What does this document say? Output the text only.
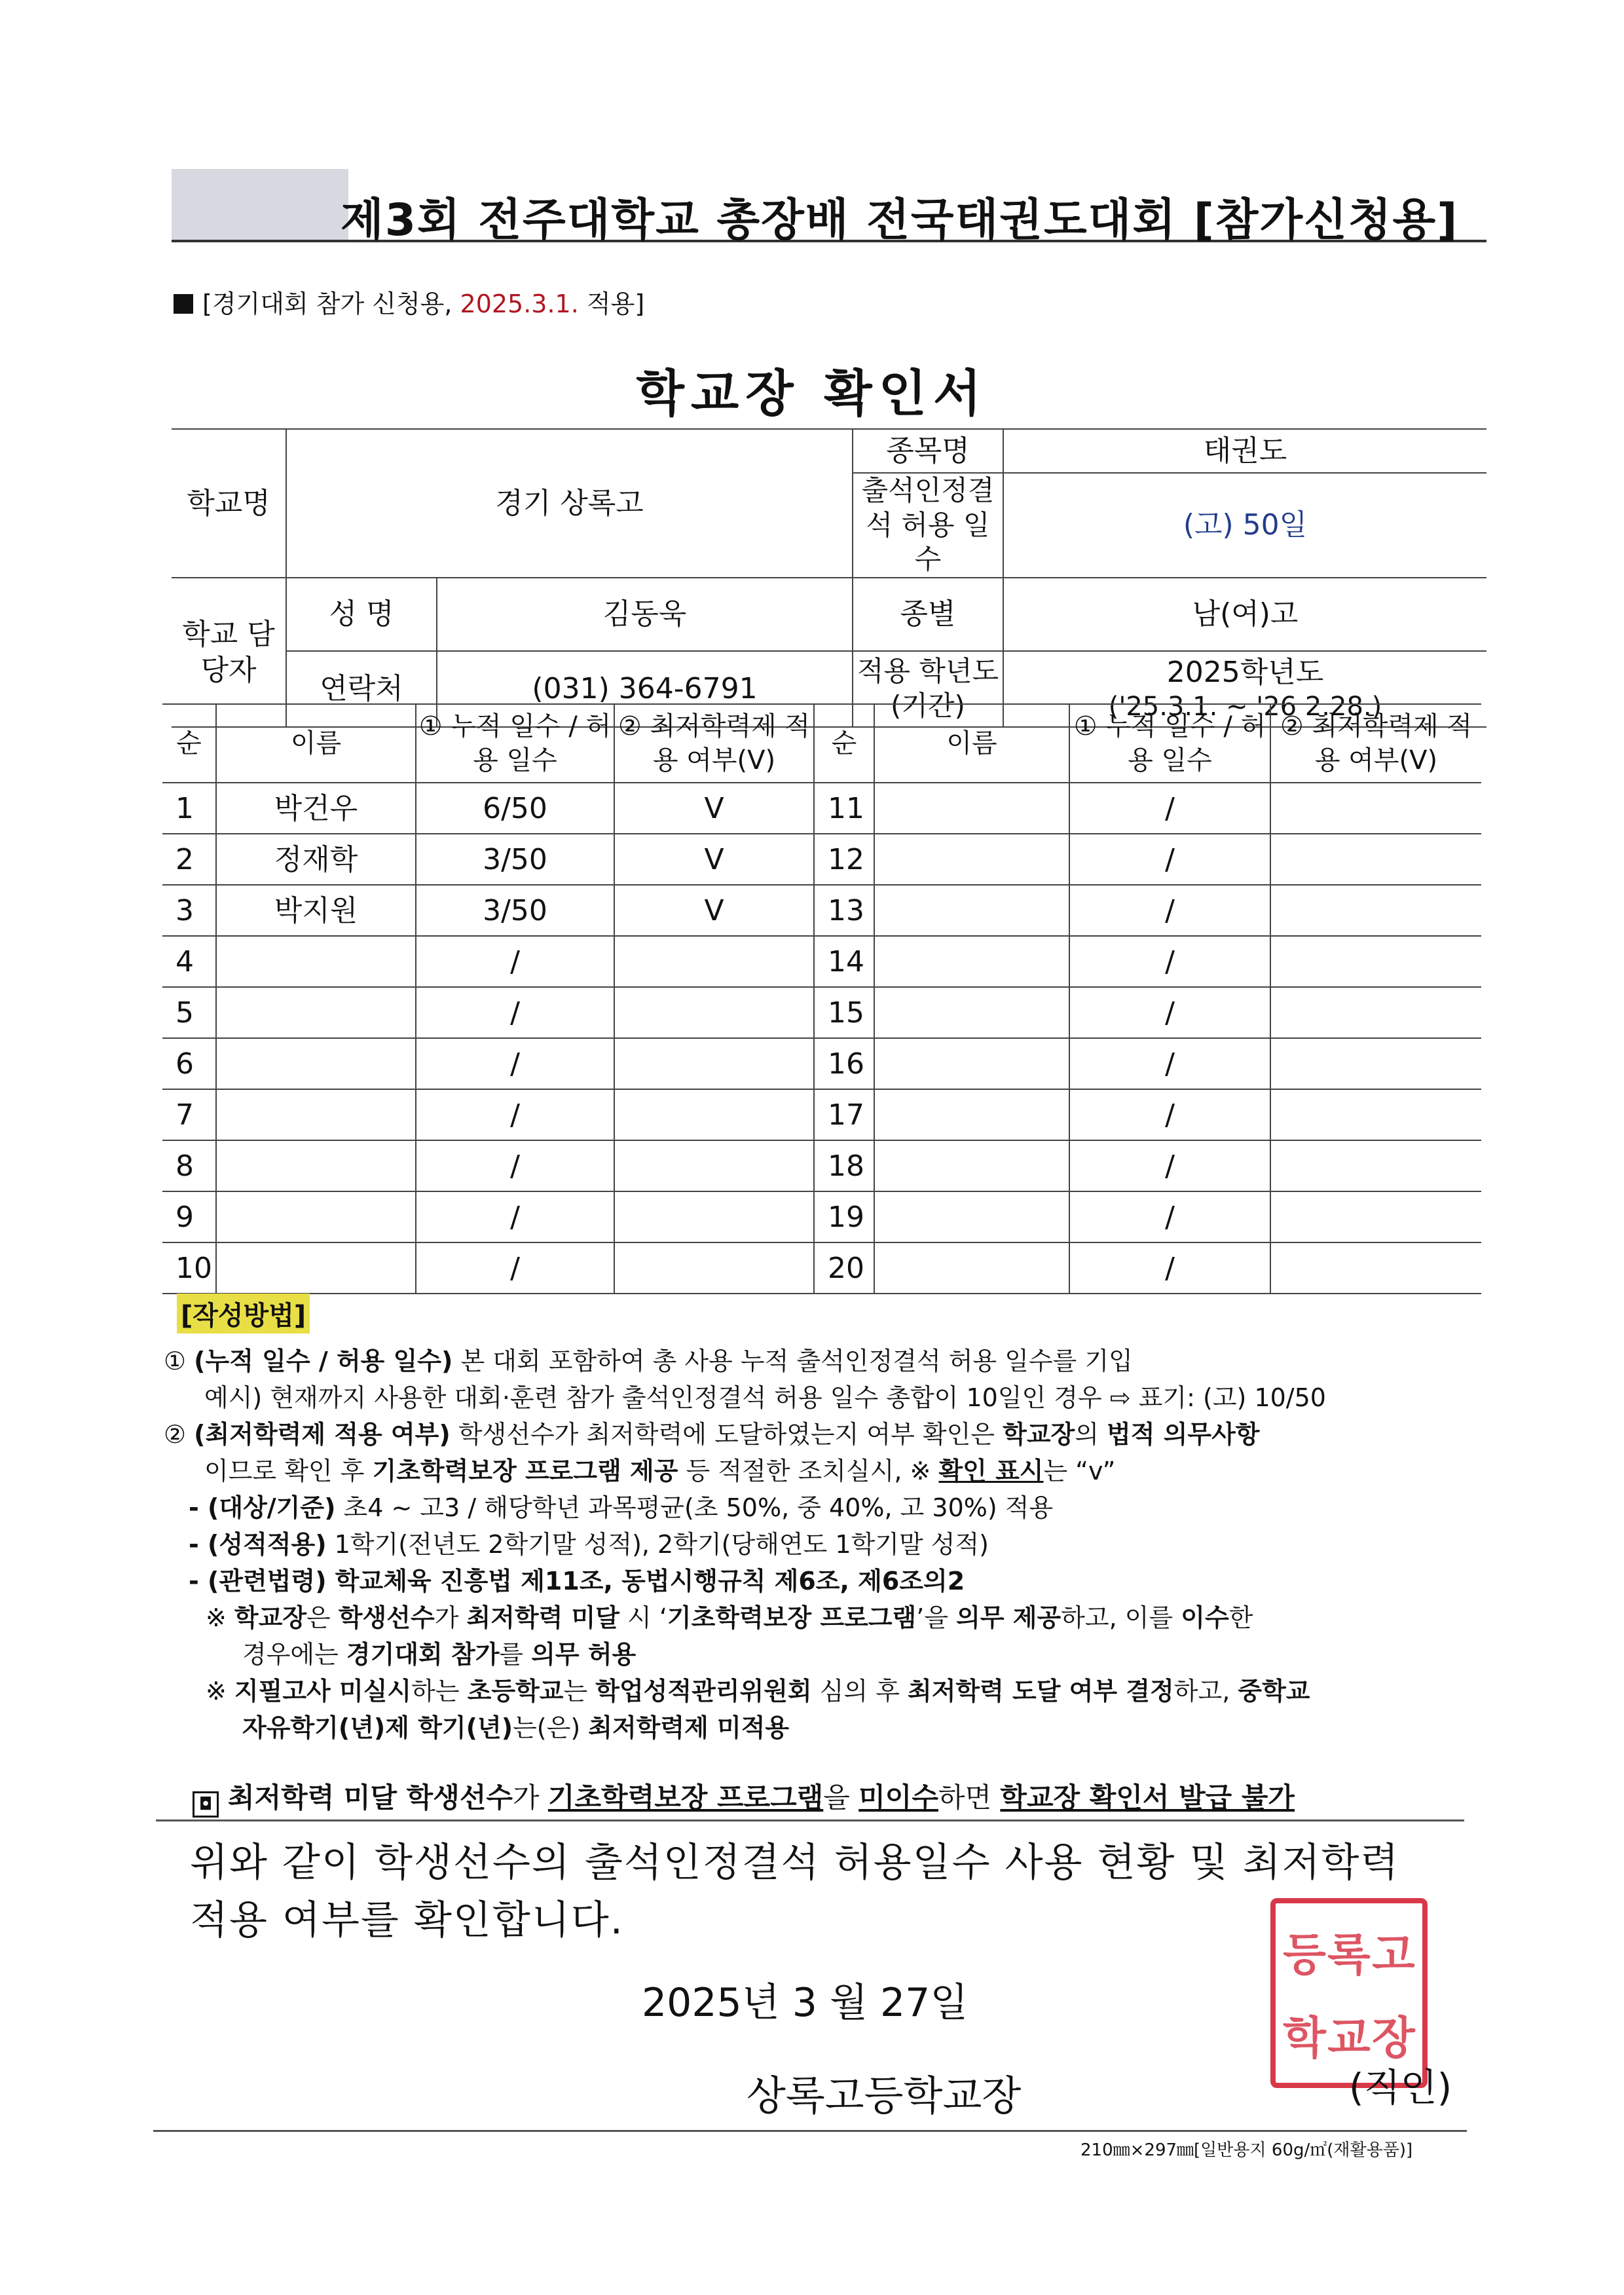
제3회 전주대학교 총장배 전국태권도대회 [참가신청용]
[경기대회 참가 신청용, 2025.3.1. 적용]
학교장 확인서
학교명	경기 상록고		종목명	태권도
			출석인정결석 허용 일수	(고) 50일
학교 담당자	성 명	김동욱	종별	남(여)고
	연락처	(031) 364-6791	적용 학년도 (기간)	2025학년도
('25.3.1. ~ '26 2.28.)
순	이름	① 누적 일수 / 허용 일수	② 최저학력제 적용 여부(V)	순	이름	① 누적 일수 / 허용 일수	② 최저학력제 적용 여부(V)
1	박건우	6/50	V	11		/	
2	정재학	3/50	V	12		/	
3	박지원	3/50	V	13		/	
4		/		14		/	
5		/		15		/	
6		/		16		/	
7		/		17		/	
8		/		18		/	
9		/		19		/	
10		/		20		/	
[작성방법]
① (누적 일수 / 허용 일수) 본 대회 포함하여 총 사용 누적 출석인정결석 허용 일수를 기입
예시) 현재까지 사용한 대회·훈련 참가 출석인정결석 허용 일수 총합이 10일인 경우 ⇨ 표기: (고) 10/50
② (최저학력제 적용 여부) 학생선수가 최저학력에 도달하였는지 여부 확인은 학교장의 법적 의무사항
이므로 확인 후 기초학력보장 프로그램 제공 등 적절한 조치실시, ※ 확인 표시는 “v”
- (대상/기준) 초4 ~ 고3 / 해당학년 과목평균(초 50%, 중 40%, 고 30%) 적용
- (성적적용) 1학기(전년도 2학기말 성적), 2학기(당해연도 1학기말 성적)
- (관련법령) 학교체육 진흥법 제11조, 동법시행규칙 제6조, 제6조의2
※ 학교장은 학생선수가 최저학력 미달 시 ‘기초학력보장 프로그램’을 의무 제공하고, 이를 이수한
경우에는 경기대회 참가를 의무 허용
※ 지필고사 미실시하는 초등학교는 학업성적관리위원회 심의 후 최저학력 도달 여부 결정하고, 중학교
자유학기(년)제 학기(년)는(은) 최저학력제 미적용
◘ 최저학력 미달 학생선수가 기초학력보장 프로그램을 미이수하면 학교장 확인서 발급 불가
위와 같이 학생선수의 출석인정결석 허용일수 사용 현황 및 최저학력
적용 여부를 확인합니다.
등 록 고
학 교 장
2025년 3 월 27일
상록고등학교장	(직인)
210㎜×297㎜[일반용지 60g/㎡(재활용품)]
